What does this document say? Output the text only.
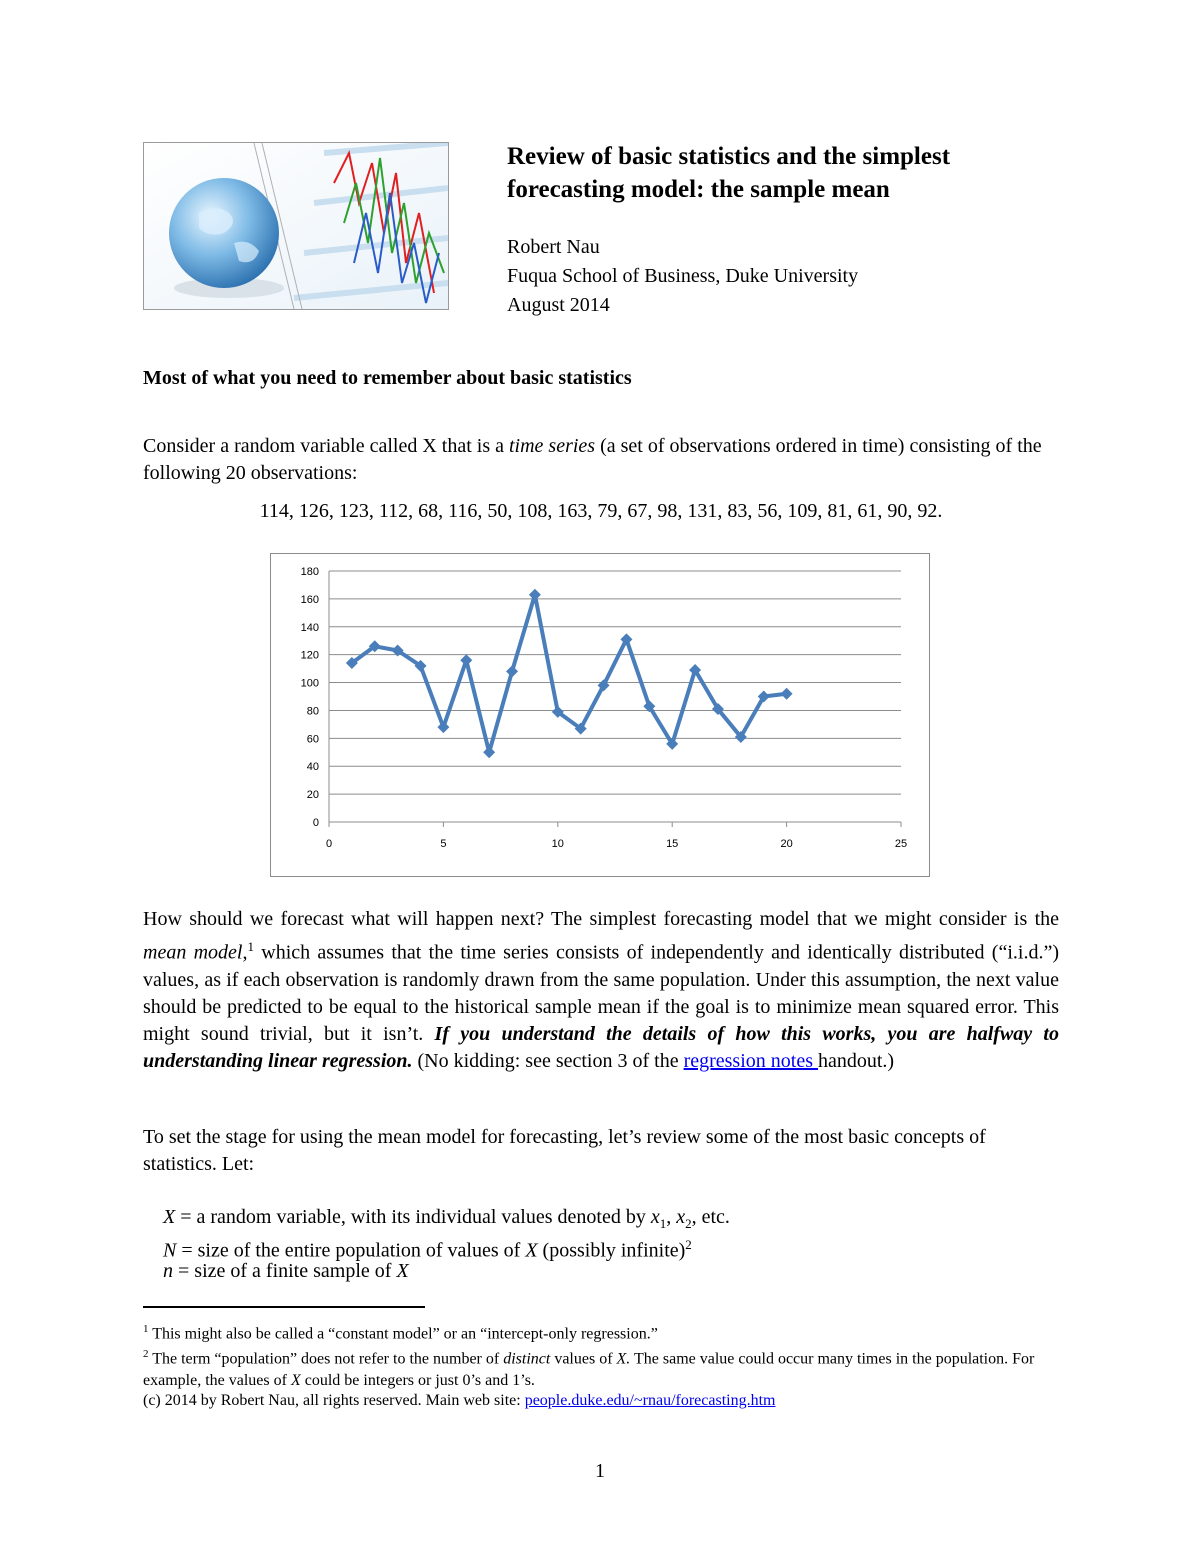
Review of basic statistics and the simplest
forecasting model: the sample mean
Robert Nau
Fuqua School of Business, Duke University
August 2014
Most of what you need to remember about basic statistics
Consider a random variable called X that is a time series (a set of observations ordered in time) consisting of the following 20 observations:
114, 126, 123, 112, 68, 116, 50, 108, 163, 79, 67, 98, 131, 83, 56, 109, 81, 61, 90, 92.
0
20
40
60
80
100
120
140
160
180
0	5	10	15	20	25
How should we forecast what will happen next? The simplest forecasting model that we might consider is the mean model,$^1$ which assumes that the time series consists of independently and identically distributed (“i.i.d.”) values, as if each observation is randomly drawn from the same population. Under this assumption, the next value should be predicted to be equal to the historical sample mean if the goal is to minimize mean squared error. This might sound trivial, but it isn’t. If you understand the details of how this works, you are halfway to understanding linear regression. (No kidding: see section 3 of the regression notes handout.)
To set the stage for using the mean model for forecasting, let’s review some of the most basic concepts of statistics. Let:
X = a random variable, with its individual values denoted by $x_1$, $x_2$, etc.
N = size of the entire population of values of X (possibly infinite)$^2$
n = size of a finite sample of X
$^1$ This might also be called a “constant model” or an “intercept-only regression.”
$^2$ The term “population” does not refer to the number of distinct values of X. The same value could occur many times in the population. For example, the values of X could be integers or just 0’s and 1’s.
(c) 2014 by Robert Nau, all rights reserved. Main web site: people.duke.edu/~rnau/forecasting.htm
1
